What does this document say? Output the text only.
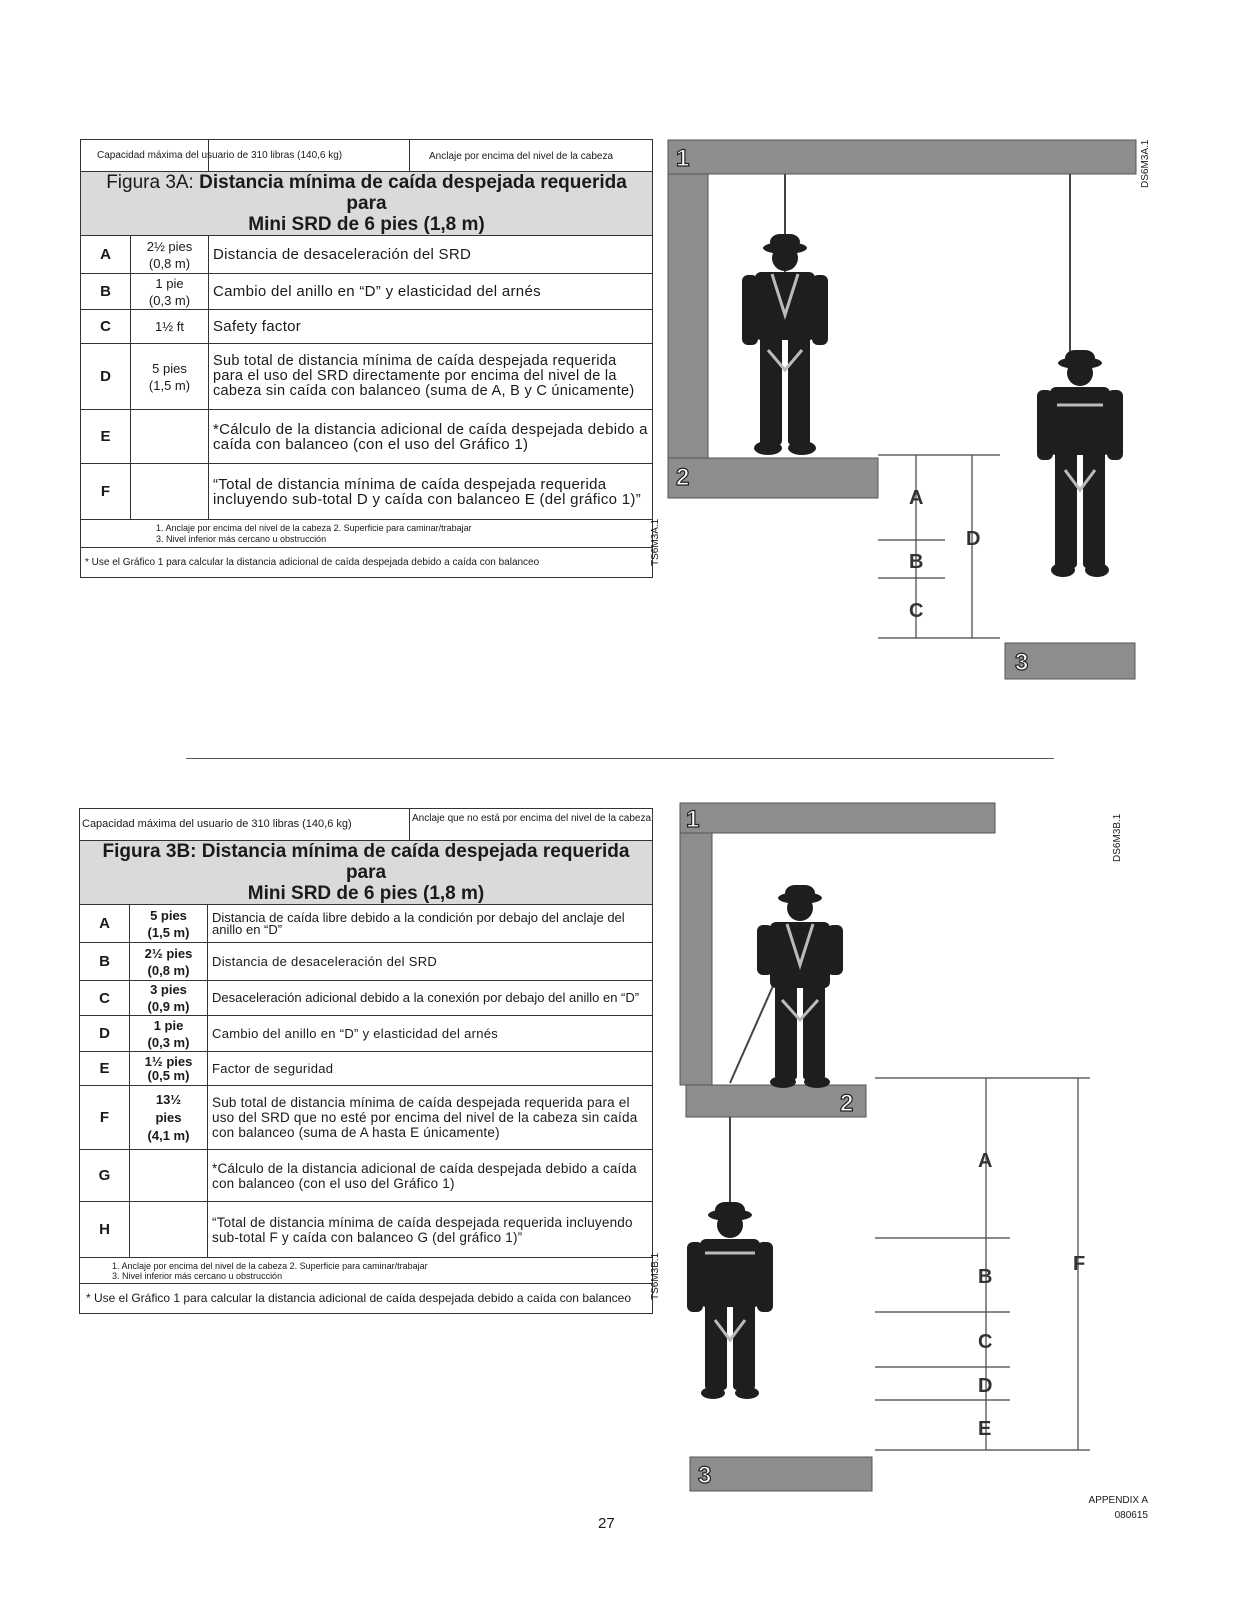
Capacidad máxima del usuario de 310 libras (140,6 kg)		Anclaje por encima del nivel de la cabeza

Figura 3A: Distancia mínima de caída despejada requerida para
Mini SRD de 6 pies (1,8 m)		
A	2½ pies
(0,8 m)	Distancia de desaceleración del SRD
B	1 pie
(0,3 m)	Cambio del anillo en “D” y elasticidad del arnés
C	1½ ft	Safety factor
D	5 pies
(1,5 m)	Sub total de distancia mínima de caída despejada requerida para el uso del SRD directamente por encima del nivel de la cabeza sin caída con balanceo (suma de A, B y C únicamente)
E		*Cálculo de la distancia adicional de caída despejada debido a caída con balanceo (con el uso del Gráfico 1)
F		“Total de distancia mínima de caída despejada requerida incluyendo sub-total D y caída con balanceo E (del gráfico 1)”
1. Anclaje por encima del nivel de la cabeza 2. Superficie para caminar/trabajar
3. Nivel inferior más cercano u obstrucción		
* Use el Gráfico 1 para calcular la distancia adicional de caída despejada debido a caída con balanceo			TS6M3A.1
1
2
3
A
B
C
D
DS6M3A.1
Capacidad máxima del usuario de 310 libras (140,6 kg) Anclaje que no está por encima del nivel de la cabeza		

Figura 3B: Distancia mínima de caída despejada requerida para
Mini SRD de 6 pies (1,8 m)		
A	5 pies
(1,5 m)	Distancia de caída libre debido a la condición por debajo del anclaje del anillo en “D”
B	2½ pies
(0,8 m)	Distancia de desaceleración del SRD
C	3 pies
(0,9 m)	Desaceleración adicional debido a la conexión por debajo del anillo en “D”
D	1 pie
(0,3 m)	Cambio del anillo en “D” y elasticidad del arnés
E	1½ pies
(0,5 m)	Factor de seguridad
F	13½
pies
(4,1 m)	Sub total de distancia mínima de caída despejada requerida para el uso del SRD que no esté por encima del nivel de la cabeza sin caída con balanceo (suma de A hasta E únicamente)
G		*Cálculo de la distancia adicional de caída despejada debido a caída con balanceo (con el uso del Gráfico 1)
H		“Total de distancia mínima de caída despejada requerida incluyendo sub-total F y caída con balanceo G (del gráfico 1)”
1. Anclaje por encima del nivel de la cabeza 2. Superficie para caminar/trabajar
3. Nivel inferior más cercano u obstrucción		
* Use el Gráfico 1 para calcular la distancia adicional de caída despejada debido a caída con balanceo		TS6M3B.1
1
2
3
A
B
C
D
E
F
DS6M3B.1
27
APPENDIX A
080615
